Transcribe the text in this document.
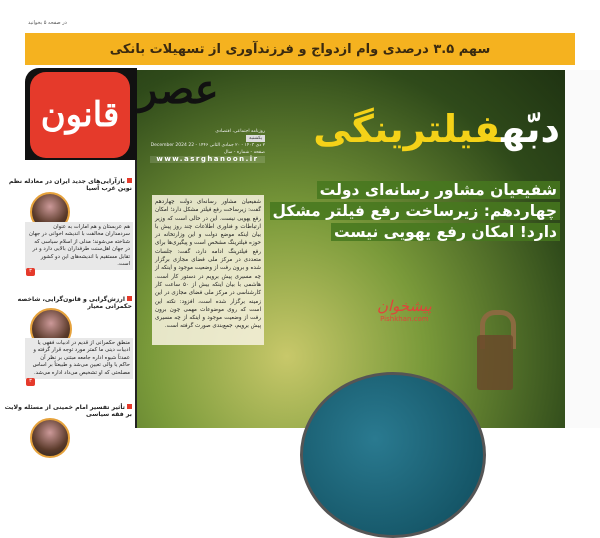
در صفحه ۵ بخوانید
سهم ۳.۵ درصدی وام ازدواج و فرزندآوری از تسهیلات بانکی
قانون
عصر
روزنامه اجتماعی، اقتصادی
یکشنبه
۲ دی ۱۴۰۳ - ۲۰ جمادی الثانی ۱۴۴۶ - 22 December 2024
صفحه - شماره - سال
www.asrghanoon.ir
دبّهفیلترینگی
شفیعیان مشاور رسانه‌ای دولت
چهاردهم: زیرساخت رفع فیلتر مشکل
دارد! امکان رفع یهویی نیست
شفیعیان مشاور رسانه‌ای دولت چهاردهم گفت: زیرساخت رفع فیلتر مشکل دارد؛ امکان رفع یهویی نیست. این در حالی است که وزیر ارتباطات و فناوری اطلاعات چند روز پیش با بیان اینکه موضع دولت و این وزارتخانه در حوزه فیلترینگ مشخص است و پیگیری‌ها برای رفع فیلترینگ ادامه دارد، گفت: جلسات متعددی در مرکز ملی فضای مجازی برگزار شده و برون رفت از وضعیت موجود و اینکه از چه مسیری پیش برویم در دستور کار است. هاشمی با بیان اینکه بیش از ۵۰ ساعت کار کارشناسی در مرکز ملی فضای مجازی در این زمینه برگزار شده است، افزود: نکته این است که روی موضوعات مهمی چون برون رفت از وضعیت موجود و اینکه از چه مسیری پیش برویم، جمع‌بندی صورت گرفته است.
پیشخوان
Pishkhan.com
بازآرایی‌های جدید ایران در معادله نظم نوین غرب آسیا
هم عربستان و هم امارات به عنوان سردمداران مخالفت با اندیشه اخوانی در جهان شناخته می‌شوند؛ مدلی از اسلام سیاسی که در جهان اهل‌سنت طرفداران بالایی دارد و در تقابل مستقیم با اندیشه‌های این دو کشور است.
۳
ارزش‌گرایی و قانون‌گرایی، شاخصه حکمرانی معیار
منطق حکمرانی از قدیم در ادبیات فقهی یا ادبیات دینی ما کمتر مورد توجه قرار گرفته و عمدتاً شیوه اداره جامعه مبتنی بر نظر آن حاکم یا والی تعیین می‌شد و طبیعتاً بر اساس مصلحتی که او تشخیص می‌داد اداره می‌شد.
۳
تأثیر تفسیر امام خمینی از مسئله ولایت بر فقه سیاسی
